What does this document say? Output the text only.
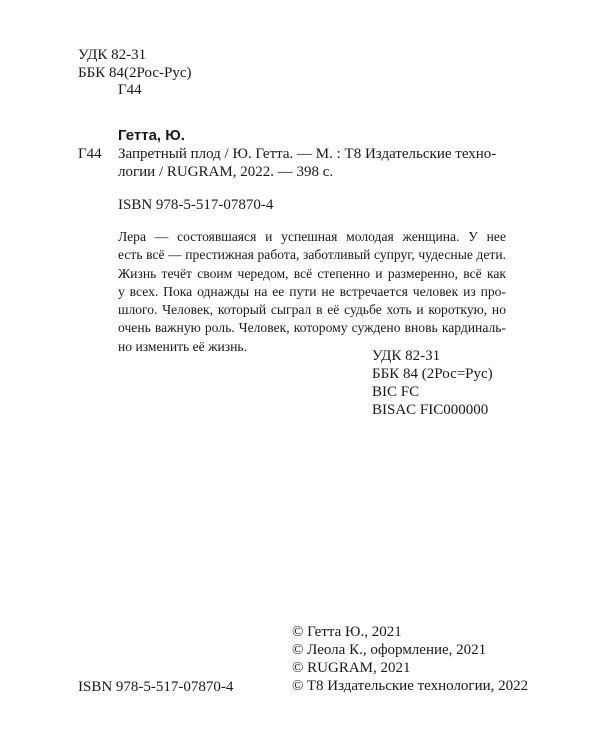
УДК 82-31
ББК 84(2Рос-Рус)
Г44
Гетта, Ю.
Г44 Запретный плод / Ю. Гетта. — М. : T8 Издательские техно-
логии / RUGRAM, 2022. — 398 с.
ISBN 978-5-517-07870-4
Лера — состоявшаяся и успешная молодая женщина. У нее
есть всё — престижная работа, заботливый супруг, чудесные дети.
Жизнь течёт своим чередом, всё степенно и размеренно, всё как
у всех. Пока однажды на ее пути не встречается человек из про-
шлого. Человек, который сыграл в её судьбе хоть и короткую, но
очень важную роль. Человек, которому суждено вновь кардиналь-
но изменить её жизнь.
УДК 82-31
ББК 84 (2Рос=Рус)
BIC FC
BISAC FIC000000
© Гетта Ю., 2021
© Леола К., оформление, 2021
© RUGRAM, 2021
© T8 Издательские технологии, 2022
ISBN 978-5-517-07870-4
